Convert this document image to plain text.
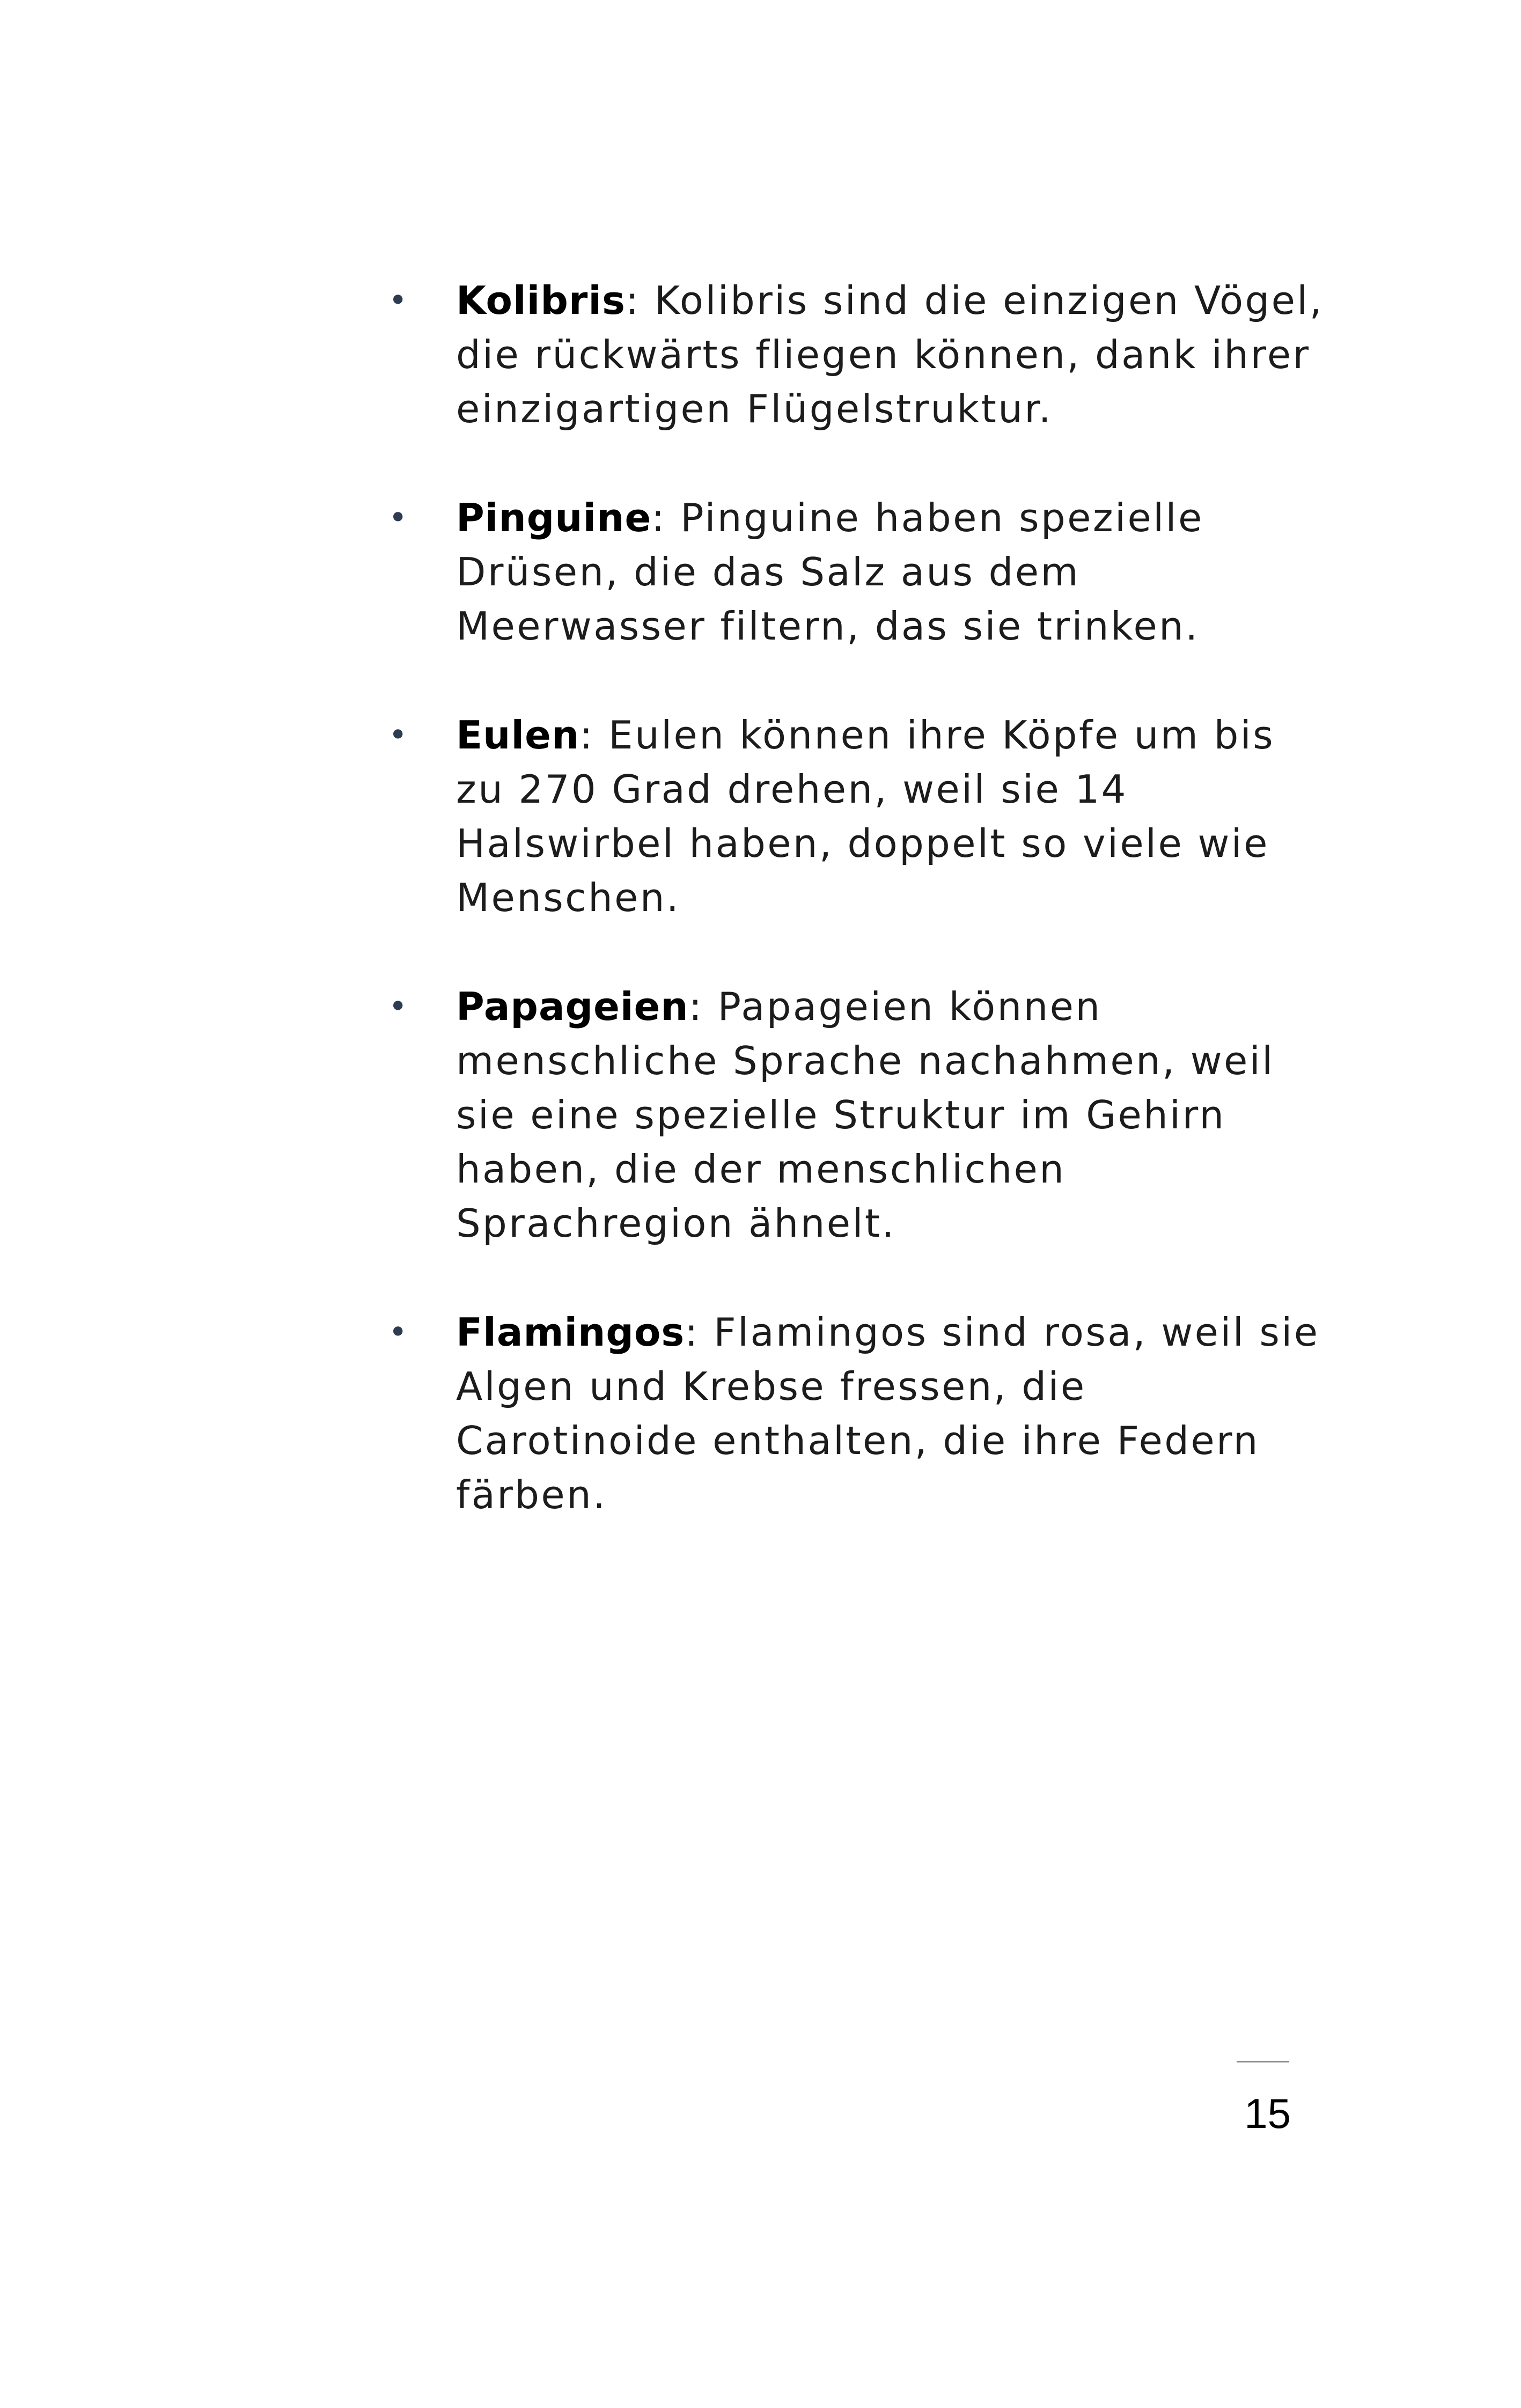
• Kolibris: Kolibris sind die einzigen Vögel, die rückwärts fliegen können, dank ihrer einzigartigen Flügelstruktur.
• Pinguine: Pinguine haben spezielle Drüsen, die das Salz aus dem Meerwasser filtern, das sie trinken.
• Eulen: Eulen können ihre Köpfe um bis zu 270 Grad drehen, weil sie 14 Halswirbel haben, doppelt so viele wie Menschen.
• Papageien: Papageien können menschliche Sprache nachahmen, weil sie eine spezielle Struktur im Gehirn haben, die der menschlichen Sprachregion ähnelt.
• Flamingos: Flamingos sind rosa, weil sie Algen und Krebse fressen, die Carotinoide enthalten, die ihre Federn färben.
15
